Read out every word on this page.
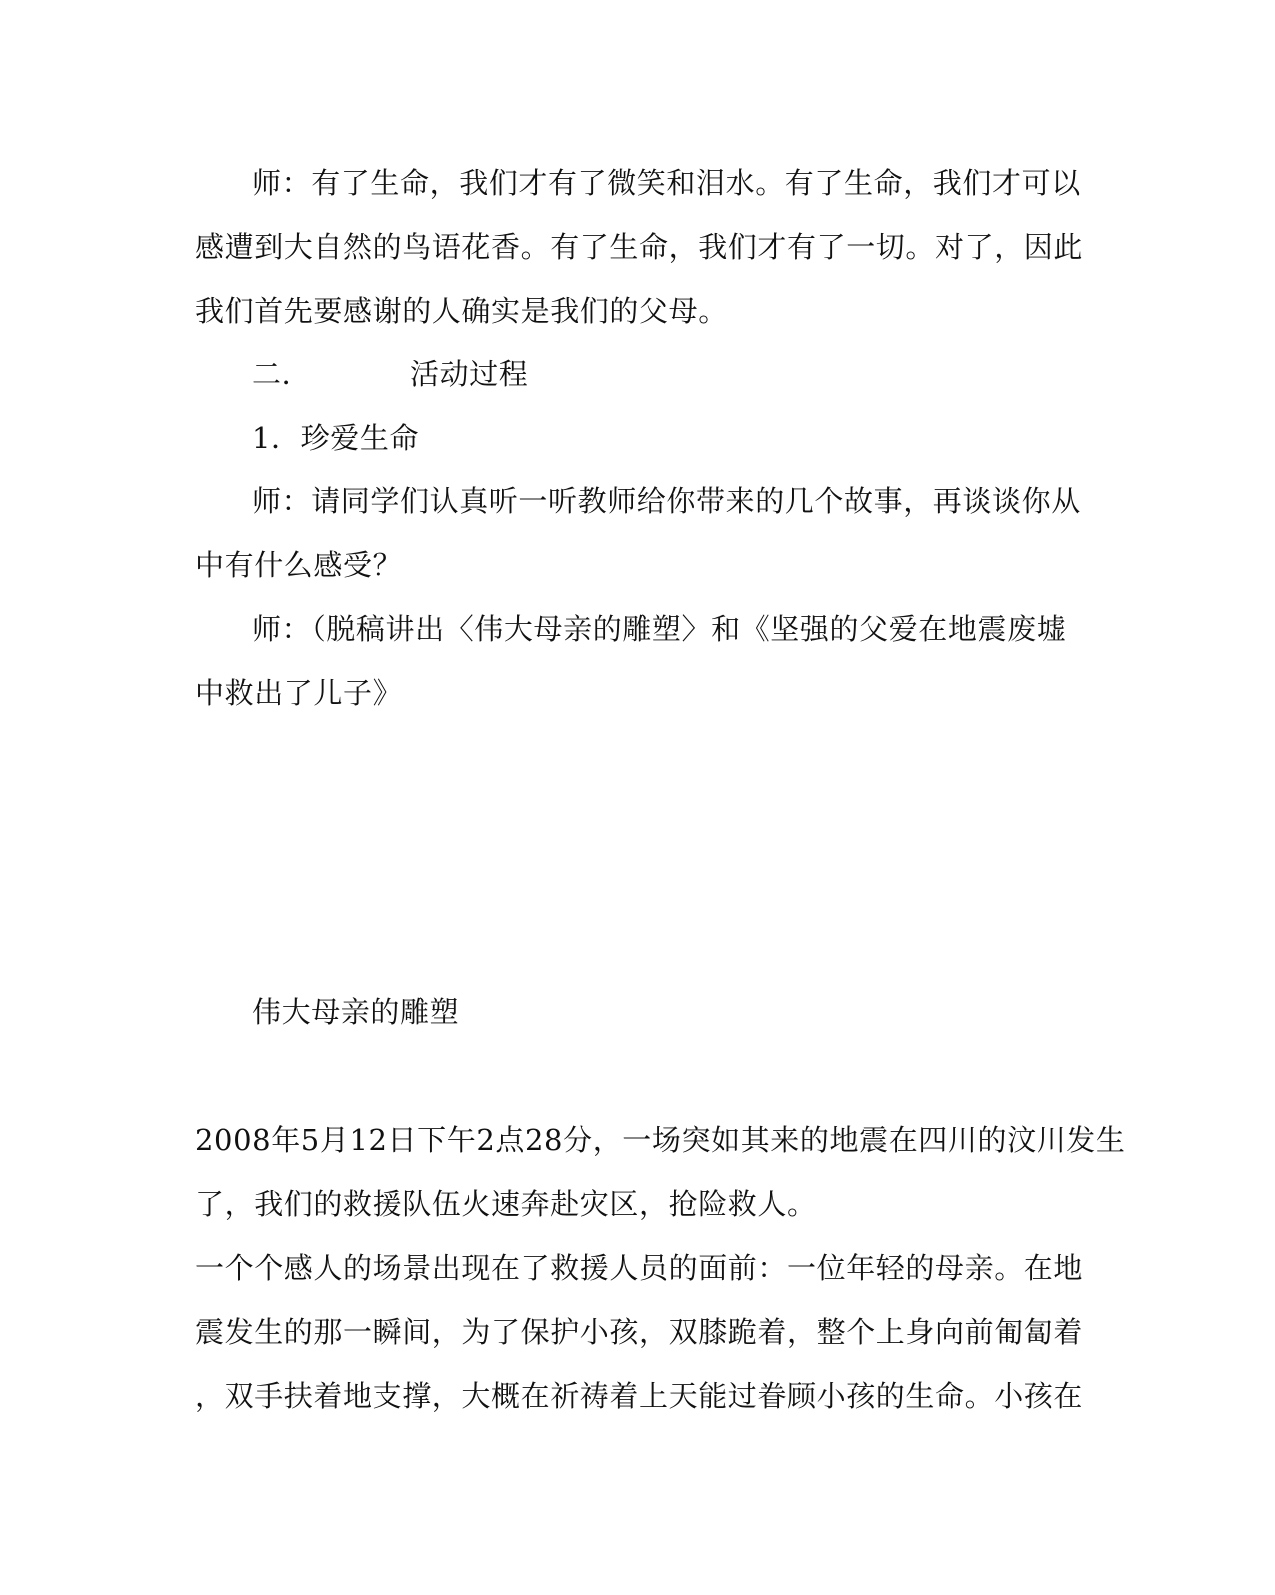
师：有了生命，我们才有了微笑和泪水。有了生命，我们才可以
感遭到大自然的鸟语花香。有了生命，我们才有了一切。对了，因此
我们首先要感谢的人确实是我们的父母。
二．	活动过程
1．珍爱生命
师：请同学们认真听一听教师给你带来的几个故事，再谈谈你从
中有什么感受？
师：（脱稿讲出〈伟大母亲的雕塑〉和《坚强的父爱在地震废墟
中救出了儿子》
伟大母亲的雕塑
2008年5月12日下午2点28分，一场突如其来的地震在四川的汶川发生
了，我们的救援队伍火速奔赴灾区，抢险救人。
一个个感人的场景出现在了救援人员的面前：一位年轻的母亲。在地
震发生的那一瞬间，为了保护小孩，双膝跪着，整个上身向前匍匐着
，双手扶着地支撑，大概在祈祷着上天能过眷顾小孩的生命。小孩在
